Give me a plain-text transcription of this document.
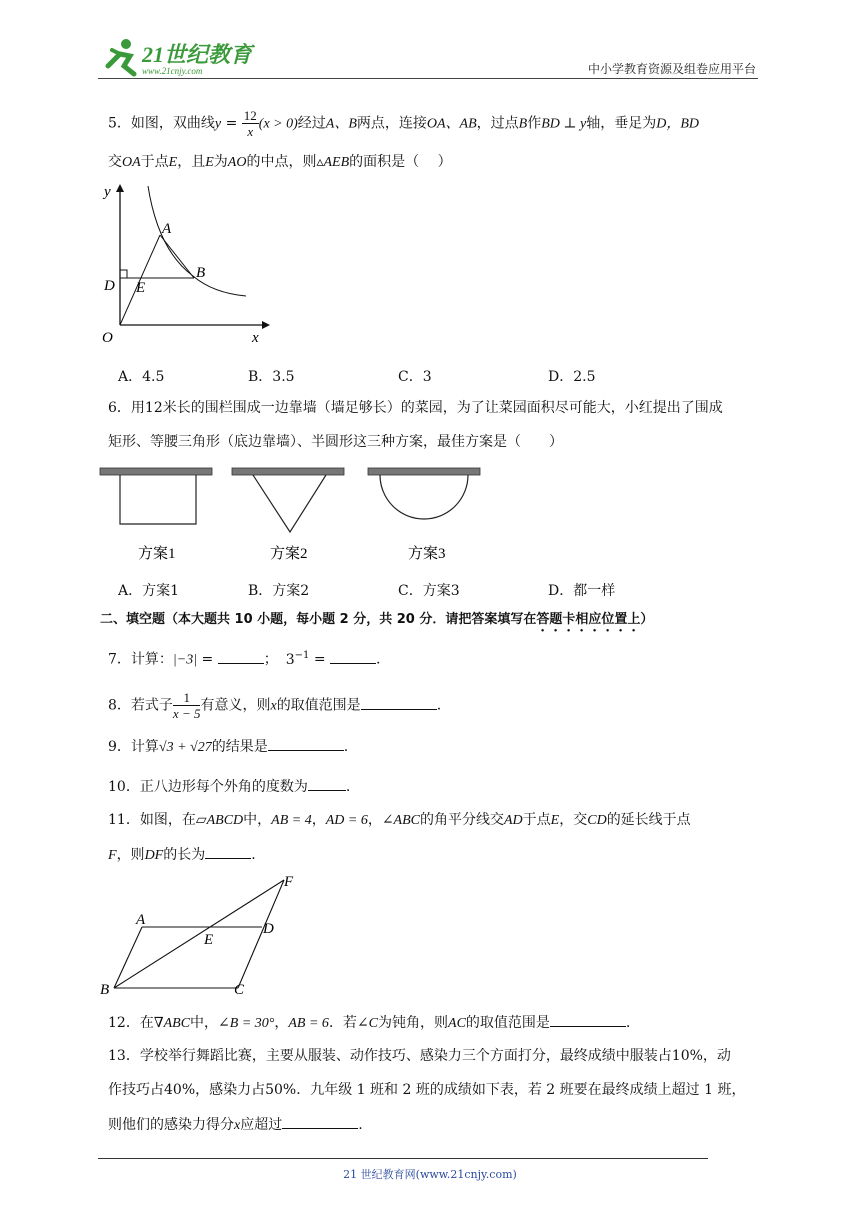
21世纪教育
www.21cnjy.com	中小学教育资源及组卷应用平台
5．如图，双曲线$y = \frac{12}{x} (x > 0)$经过A、B两点，连接OA、AB，过点B作BD ⊥ y轴，垂足为D，BD
交OA于点E，且E为AO的中点，则▵AEB的面积是（　 ）
y
x
O
A
B
D E
A．4.5	B．3.5	C．3	D．2.5
6．用12米长的围栏围成一边靠墙（墙足够长）的菜园，为了让菜园面积尽可能大，小红提出了围成
矩形、等腰三角形（底边靠墙）、半圆形这三种方案，最佳方案是（　　）
方案1	方案2	方案3
A．方案1	B．方案2	C．方案3	D．都一样
二、填空题（本大题共 10 小题，每小题 2 分，共 20 分．请把答案填写在答题卡相应位置上）
7．计算：|−3| =	； $3^{-1}$ =	.
8．若式子 $\frac{1}{x - 5}$ 有意义，则x的取值范围是	.
9．计算√3 + √27的结果是	.
10．正八边形每个外角的度数为	.
11．如图，在▱ABCD中，AB = 4，AD = 6，∠ABC的角平分线交AD于点E，交CD的延长线于点
F，则DF的长为	.
A
B	C
D
E
F
12．在∇ABC中，∠B = 30°，AB = 6．若∠C为钝角，则AC的取值范围是	.
13．学校举行舞蹈比赛，主要从服装、动作技巧、感染力三个方面打分，最终成绩中服装占10%，动
作技巧占40%，感染力占50%．九年级 1 班和 2 班的成绩如下表，若 2 班要在最终成绩上超过 1 班，
则他们的感染力得分x应超过	.
21 世纪教育网(www.21cnjy.com)
